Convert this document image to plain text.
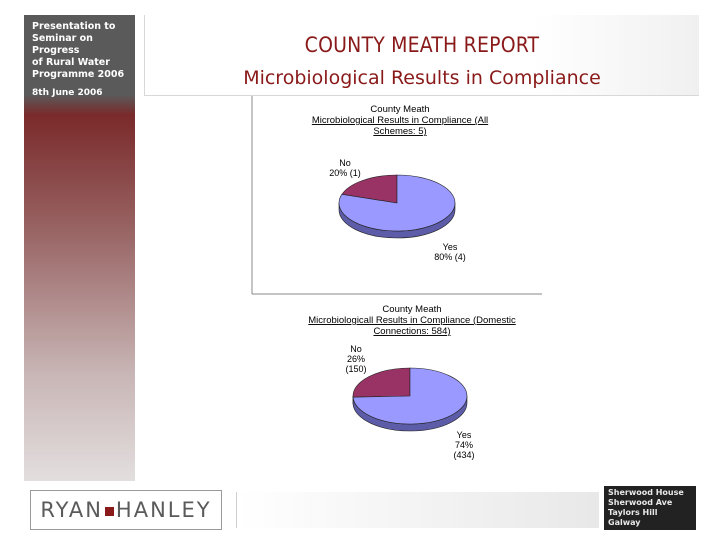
Presentation to
Seminar on Progress
of Rural Water
Programme 2006
8th June 2006
COUNTY MEATH REPORT
Microbiological Results in Compliance
County Meath
Microbiological Results in Compliance (All
Schemes: 5)
Yes
80% (4)
No
20% (1)
County Meath
Microbiologicall Results in Compliance (Domestic
Connections: 584)
Yes
74%
(434)
No
26%
(150)
RYAN HANLEY
Sherwood House
Sherwood Ave
Taylors Hill
Galway
